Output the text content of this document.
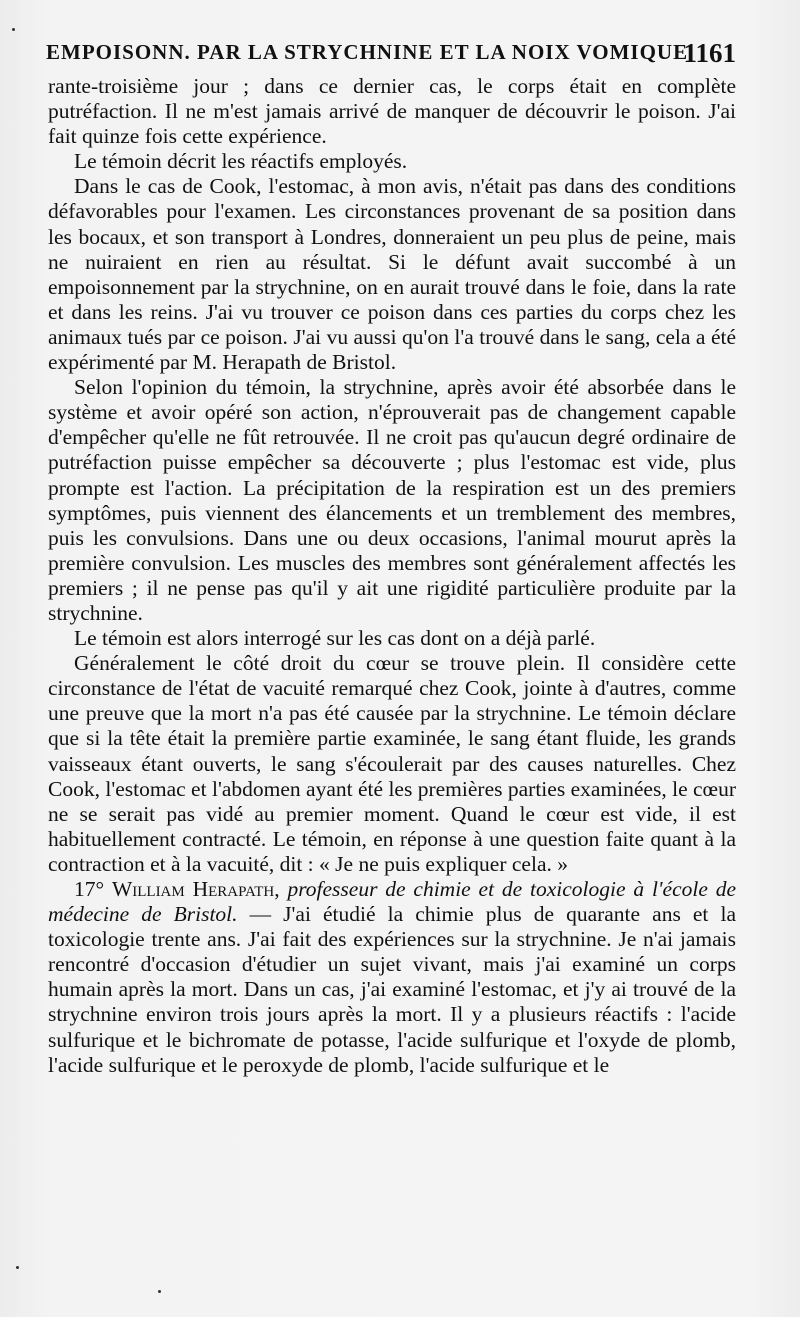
EMPOISONN. PAR LA STRYCHNINE ET LA NOIX VOMIQUE.
1161

rante-troisième jour ; dans ce dernier cas, le corps était en complète putréfaction. Il ne m'est jamais arrivé de manquer de découvrir le poison. J'ai fait quinze fois cette expérience.

Le témoin décrit les réactifs employés.

Dans le cas de Cook, l'estomac, à mon avis, n'était pas dans des conditions défavorables pour l'examen. Les circonstances provenant de sa position dans les bocaux, et son transport à Londres, donneraient un peu plus de peine, mais ne nuiraient en rien au résultat. Si le défunt avait succombé à un empoisonnement par la strychnine, on en aurait trouvé dans le foie, dans la rate et dans les reins. J'ai vu trouver ce poison dans ces parties du corps chez les animaux tués par ce poison. J'ai vu aussi qu'on l'a trouvé dans le sang, cela a été expérimenté par M. Herapath de Bristol.

Selon l'opinion du témoin, la strychnine, après avoir été absorbée dans le système et avoir opéré son action, n'éprouverait pas de changement capable d'empêcher qu'elle ne fût retrouvée. Il ne croit pas qu'aucun degré ordinaire de putréfaction puisse empêcher sa découverte ; plus l'estomac est vide, plus prompte est l'action. La précipitation de la respiration est un des premiers symptômes, puis viennent des élancements et un tremblement des membres, puis les convulsions. Dans une ou deux occasions, l'animal mourut après la première convulsion. Les muscles des membres sont généralement affectés les premiers ; il ne pense pas qu'il y ait une rigidité particulière produite par la strychnine.

Le témoin est alors interrogé sur les cas dont on a déjà parlé.

Généralement le côté droit du cœur se trouve plein. Il considère cette circonstance de l'état de vacuité remarqué chez Cook, jointe à d'autres, comme une preuve que la mort n'a pas été causée par la strychnine. Le témoin déclare que si la tête était la première partie examinée, le sang étant fluide, les grands vaisseaux étant ouverts, le sang s'écoulerait par des causes naturelles. Chez Cook, l'estomac et l'abdomen ayant été les premières parties examinées, le cœur ne se serait pas vidé au premier moment. Quand le cœur est vide, il est habituellement contracté. Le témoin, en réponse à une question faite quant à la contraction et à la vacuité, dit : « Je ne puis expliquer cela. »

17° William Herapath, professeur de chimie et de toxicologie à l'école de médecine de Bristol. — J'ai étudié la chimie plus de quarante ans et la toxicologie trente ans. J'ai fait des expériences sur la strychnine. Je n'ai jamais rencontré d'occasion d'étudier un sujet vivant, mais j'ai examiné un corps humain après la mort. Dans un cas, j'ai examiné l'estomac, et j'y ai trouvé de la strychnine environ trois jours après la mort. Il y a plusieurs réactifs : l'acide sulfurique et le bichromate de potasse, l'acide sulfurique et l'oxyde de plomb, l'acide sulfurique et le peroxyde de plomb, l'acide sulfurique et le
